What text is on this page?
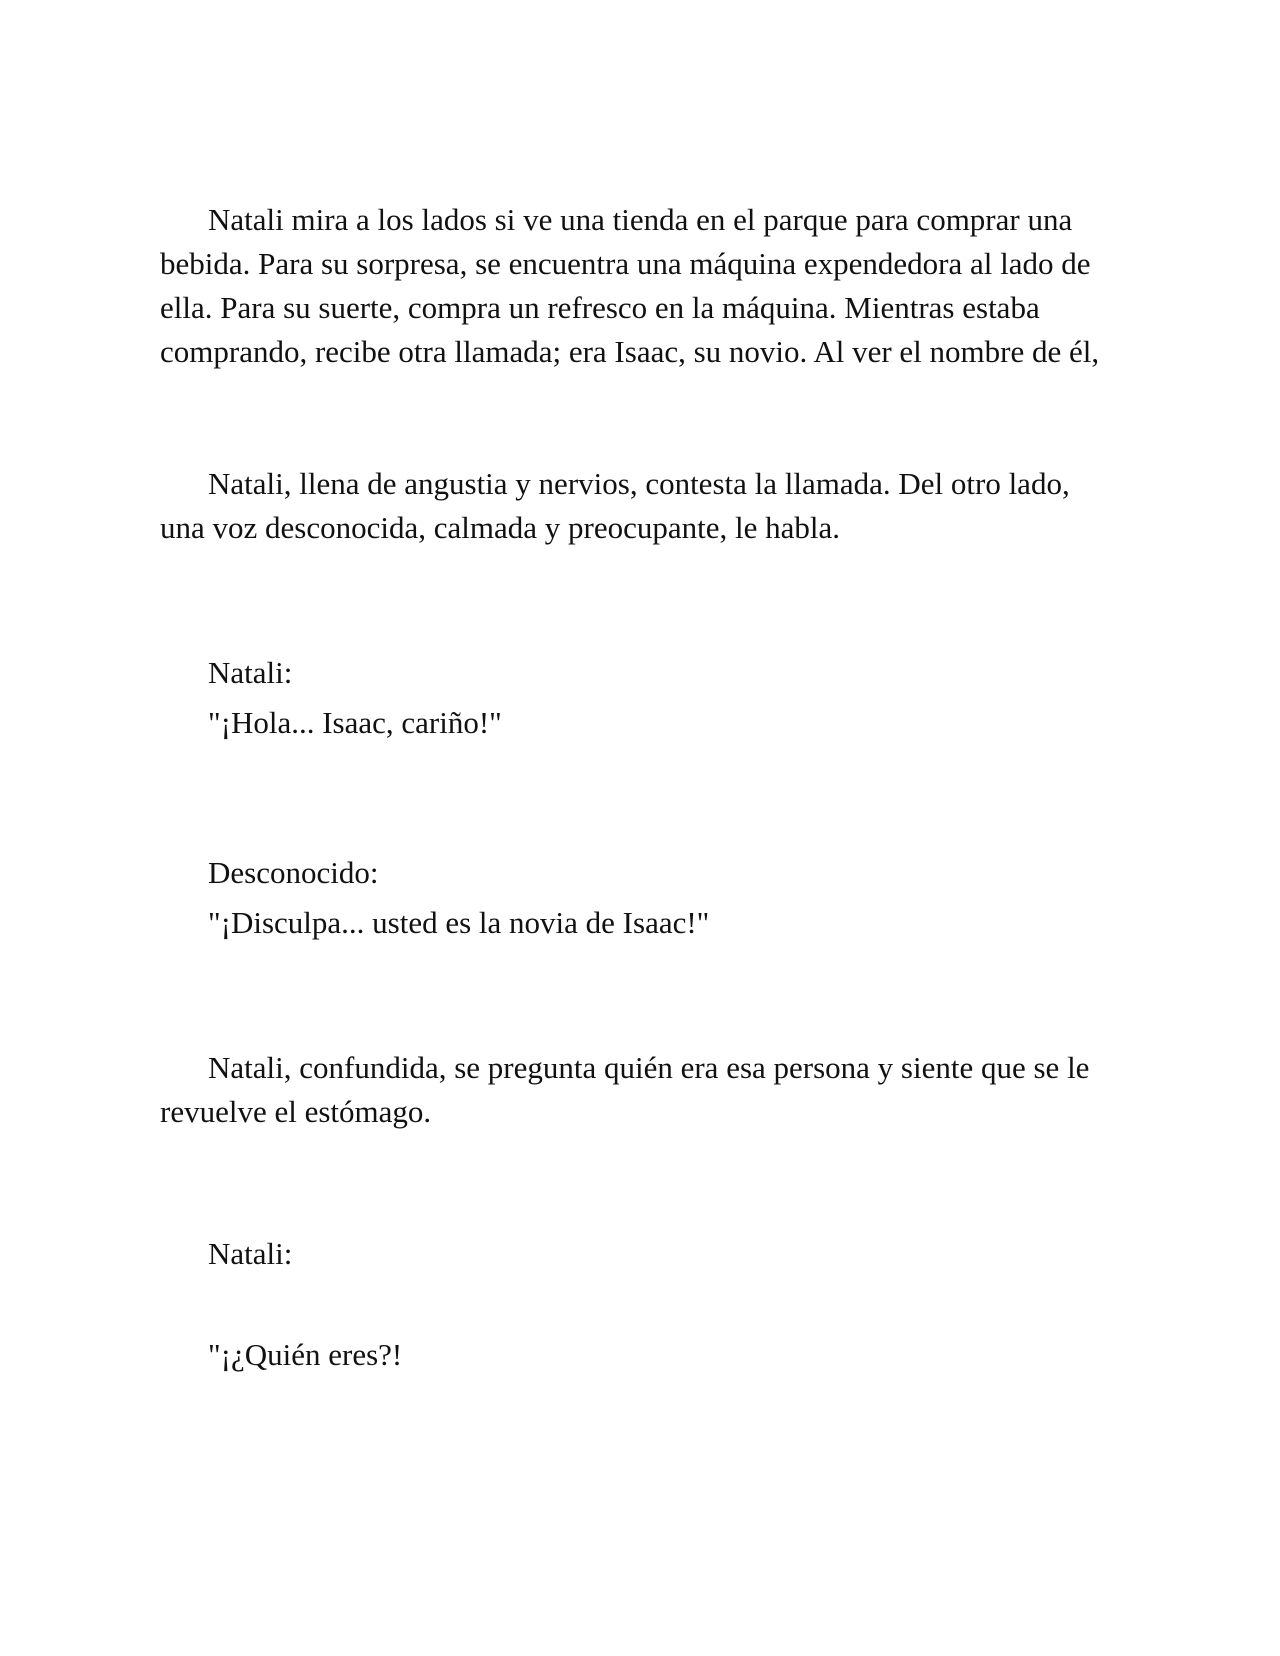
Natali mira a los lados si ve una tienda en el parque para comprar una bebida. Para su sorpresa, se encuentra una máquina expendedora al lado de ella. Para su suerte, compra un refresco en la máquina. Mientras estaba comprando, recibe otra llamada; era Isaac, su novio. Al ver el nombre de él,

Natali, llena de angustia y nervios, contesta la llamada. Del otro lado, una voz desconocida, calmada y preocupante, le habla.

Natali:

"¡Hola... Isaac, cariño!"

Desconocido:

"¡Disculpa... usted es la novia de Isaac!"

Natali, confundida, se pregunta quién era esa persona y siente que se le revuelve el estómago.

Natali:

"¡¿Quién eres?!
